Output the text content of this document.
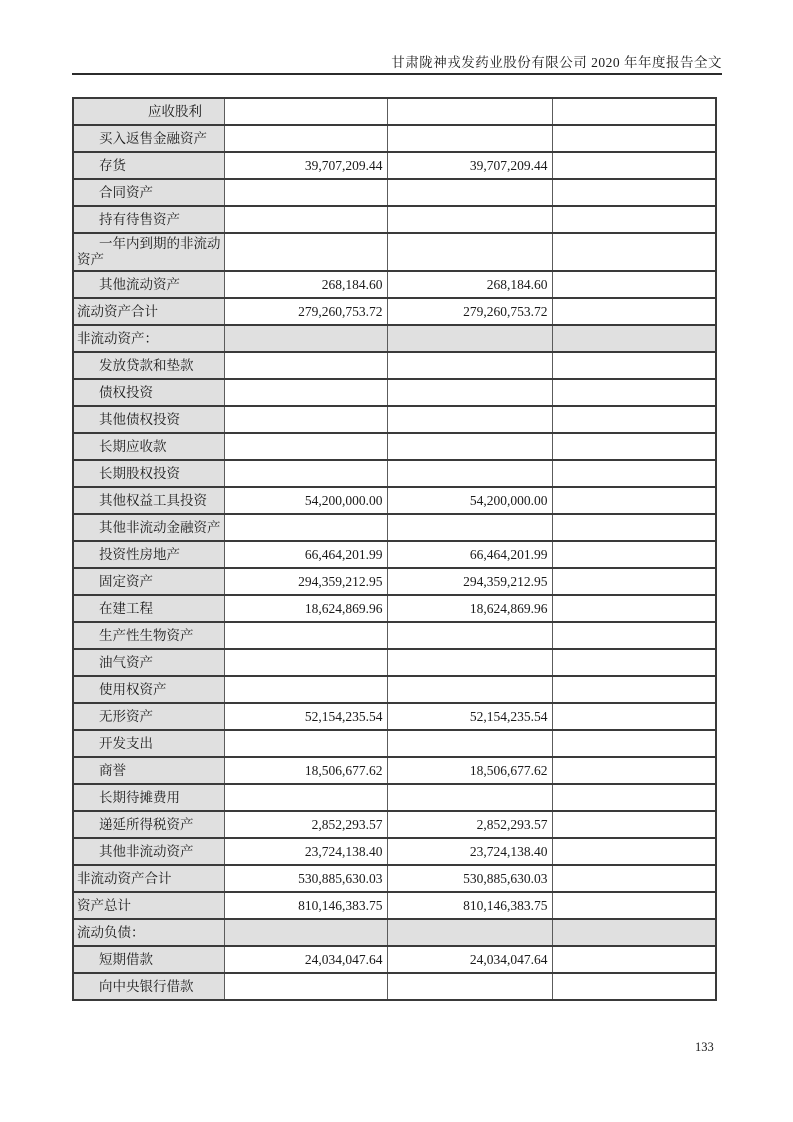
甘肃陇神戎发药业股份有限公司 2020 年年度报告全文
应收股利			
买入返售金融资产			
存货	39,707,209.44	39,707,209.44	
合同资产			
持有待售资产			
一年内到期的非流动资产			
其他流动资产	268,184.60	268,184.60	
流动资产合计	279,260,753.72	279,260,753.72	
非流动资产：			
发放贷款和垫款			
债权投资			
其他债权投资			
长期应收款			
长期股权投资			
其他权益工具投资	54,200,000.00	54,200,000.00	
其他非流动金融资产			
投资性房地产	66,464,201.99	66,464,201.99	
固定资产	294,359,212.95	294,359,212.95	
在建工程	18,624,869.96	18,624,869.96	
生产性生物资产			
油气资产			
使用权资产			
无形资产	52,154,235.54	52,154,235.54	
开发支出			
商誉	18,506,677.62	18,506,677.62	
长期待摊费用			
递延所得税资产	2,852,293.57	2,852,293.57	
其他非流动资产	23,724,138.40	23,724,138.40	
非流动资产合计	530,885,630.03	530,885,630.03	
资产总计	810,146,383.75	810,146,383.75	
流动负债：			
短期借款	24,034,047.64	24,034,047.64	
向中央银行借款			
133
